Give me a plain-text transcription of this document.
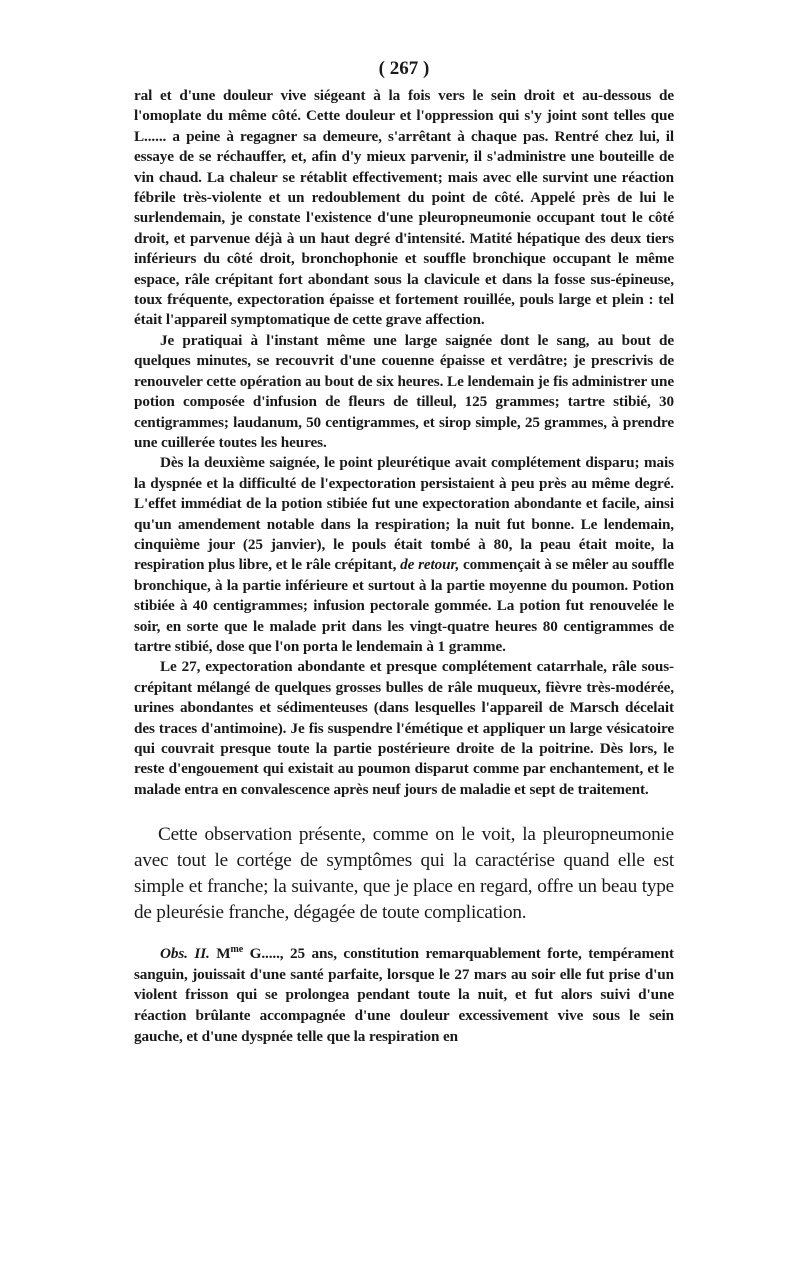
( 267 )

ral et d'une douleur vive siégeant à la fois vers le sein droit et au-dessous de l'omoplate du même côté. Cette douleur et l'oppression qui s'y joint sont telles que L...... a peine à regagner sa demeure, s'arrêtant à chaque pas. Rentré chez lui, il essaye de se réchauffer, et, afin d'y mieux parvenir, il s'administre une bouteille de vin chaud. La chaleur se rétablit effectivement; mais avec elle survint une réaction fébrile très-violente et un redoublement du point de côté. Appelé près de lui le surlendemain, je constate l'existence d'une pleuropneumonie occupant tout le côté droit, et parvenue déjà à un haut degré d'intensité. Matité hépatique des deux tiers inférieurs du côté droit, bronchophonie et souffle bronchique occupant le même espace, râle crépitant fort abondant sous la clavicule et dans la fosse sus-épineuse, toux fréquente, expectoration épaisse et fortement rouillée, pouls large et plein : tel était l'appareil symptomatique de cette grave affection.

Je pratiquai à l'instant même une large saignée dont le sang, au bout de quelques minutes, se recouvrit d'une couenne épaisse et verdâtre; je prescrivis de renouveler cette opération au bout de six heures. Le lendemain je fis administrer une potion composée d'infusion de fleurs de tilleul, 125 grammes; tartre stibié, 30 centigrammes; laudanum, 50 centigrammes, et sirop simple, 25 grammes, à prendre une cuillerée toutes les heures.

Dès la deuxième saignée, le point pleurétique avait complétement disparu; mais la dyspnée et la difficulté de l'expectoration persistaient à peu près au même degré. L'effet immédiat de la potion stibiée fut une expectoration abondante et facile, ainsi qu'un amendement notable dans la respiration; la nuit fut bonne. Le lendemain, cinquième jour (25 janvier), le pouls était tombé à 80, la peau était moite, la respiration plus libre, et le râle crépitant, de retour, commençait à se mêler au souffle bronchique, à la partie inférieure et surtout à la partie moyenne du poumon. Potion stibiée à 40 centigrammes; infusion pectorale gommée. La potion fut renouvelée le soir, en sorte que le malade prit dans les vingt-quatre heures 80 centigrammes de tartre stibié, dose que l'on porta le lendemain à 1 gramme.

Le 27, expectoration abondante et presque complétement catarrhale, râle sous-crépitant mélangé de quelques grosses bulles de râle muqueux, fièvre très-modérée, urines abondantes et sédimenteuses (dans lesquelles l'appareil de Marsch décelait des traces d'antimoine). Je fis suspendre l'émétique et appliquer un large vésicatoire qui couvrait presque toute la partie postérieure droite de la poitrine. Dès lors, le reste d'engouement qui existait au poumon disparut comme par enchantement, et le malade entra en convalescence après neuf jours de maladie et sept de traitement.

Cette observation présente, comme on le voit, la pleuropneumonie avec tout le cortége de symptômes qui la caractérise quand elle est simple et franche; la suivante, que je place en regard, offre un beau type de pleurésie franche, dégagée de toute complication.

Obs. II. $M^{me}$ G....., 25 ans, constitution remarquablement forte, tempérament sanguin, jouissait d'une santé parfaite, lorsque le 27 mars au soir elle fut prise d'un violent frisson qui se prolongea pendant toute la nuit, et fut alors suivi d'une réaction brûlante accompagnée d'une douleur excessivement vive sous le sein gauche, et d'une dyspnée telle que la respiration en
